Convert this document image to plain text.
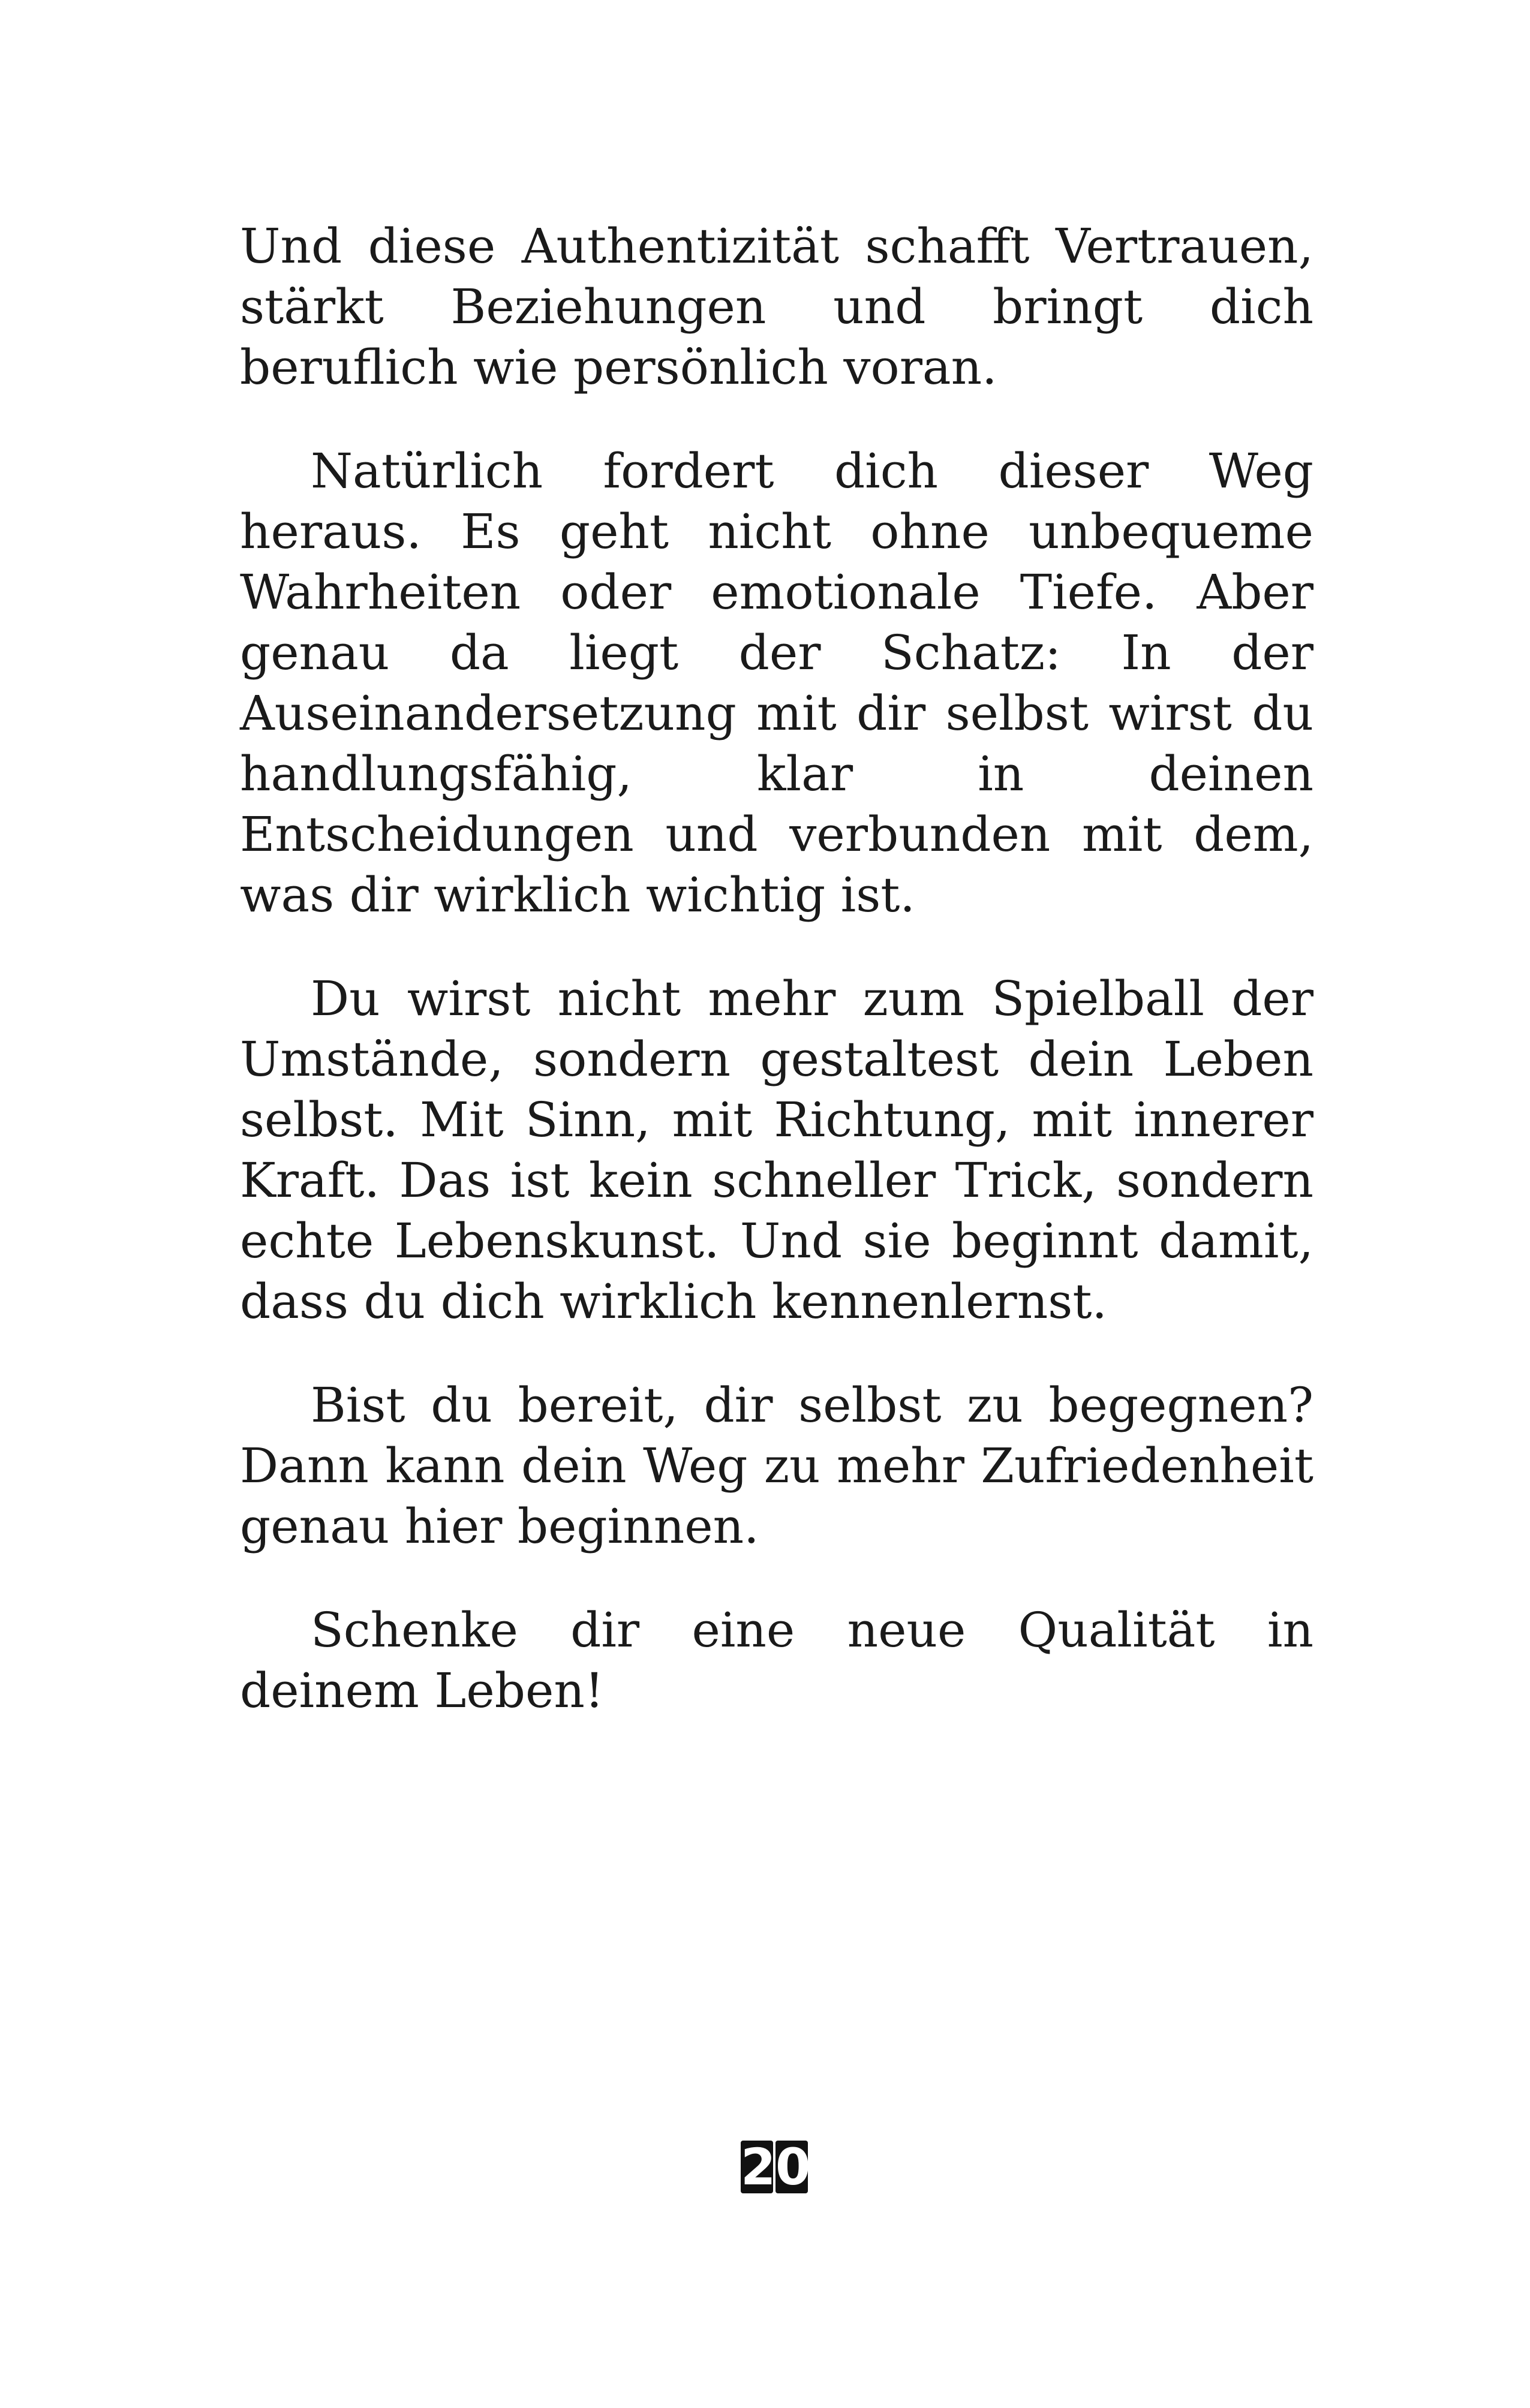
Und diese Authentizität schafft Vertrauen, stärkt Beziehungen und bringt dich beruflich wie persönlich voran.

Natürlich fordert dich dieser Weg heraus. Es geht nicht ohne unbequeme Wahrheiten oder emotionale Tiefe. Aber genau da liegt der Schatz: In der Auseinandersetzung mit dir selbst wirst du handlungsfähig, klar in deinen Entscheidungen und verbunden mit dem, was dir wirklich wichtig ist.

Du wirst nicht mehr zum Spielball der Umstände, sondern gestaltest dein Leben selbst. Mit Sinn, mit Richtung, mit innerer Kraft. Das ist kein schneller Trick, sondern echte Lebenskunst. Und sie beginnt damit, dass du dich wirklich kennenlernst.

Bist du bereit, dir selbst zu begegnen? Dann kann dein Weg zu mehr Zufriedenheit genau hier beginnen.

Schenke dir eine neue Qualität in deinem Leben!

2 0
